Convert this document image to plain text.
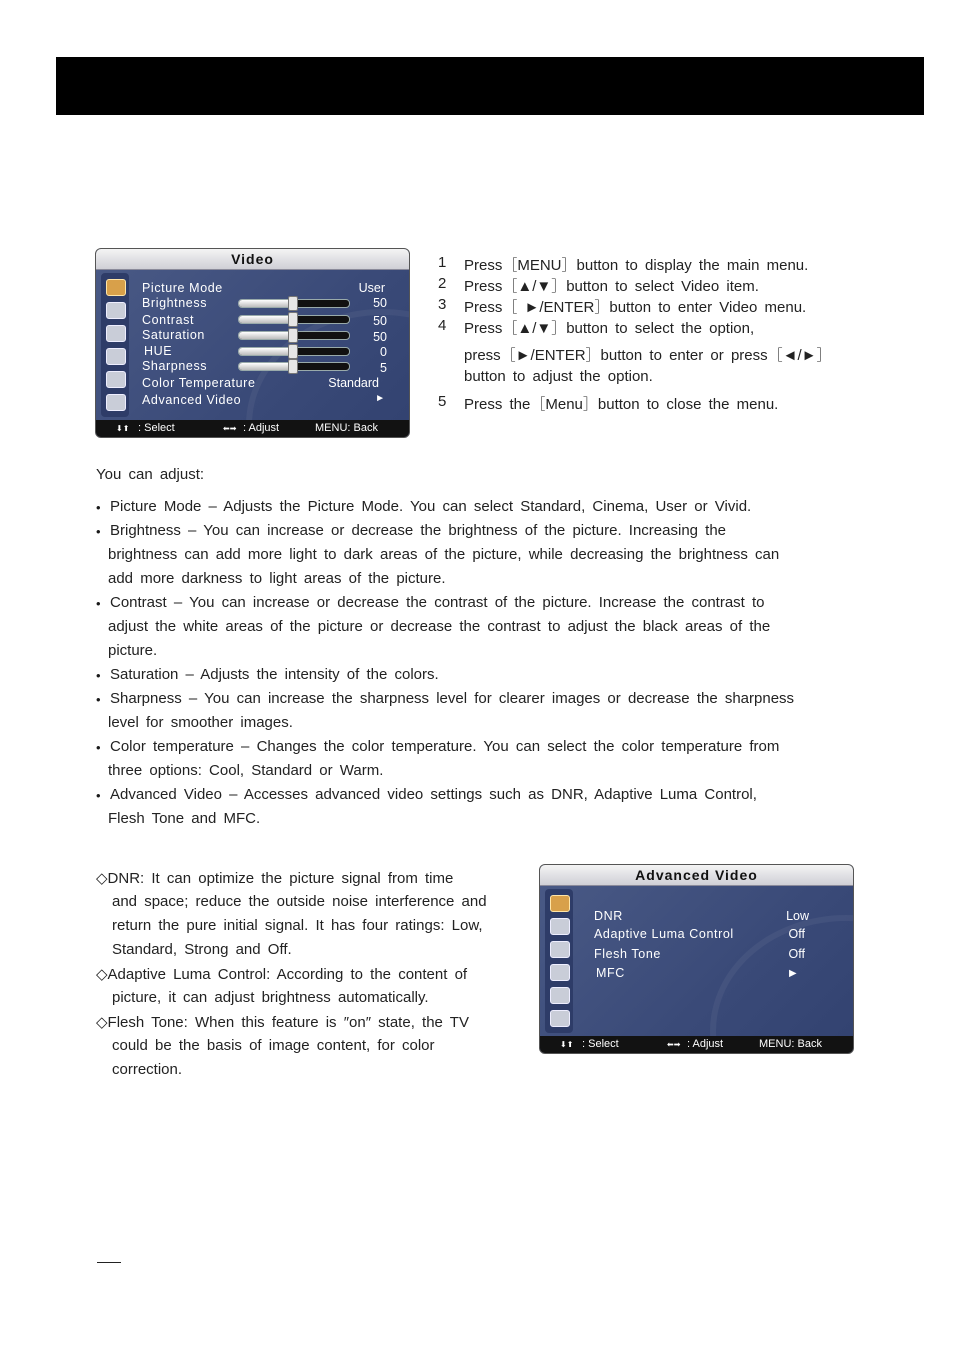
Video
Picture Mode	User
Brightness	50
Contrast	50
Saturation	50
HUE	0
Sharpness	5
Color Temperature	Standard
Advanced Video	►
⬇⬆ : Select	⬅➡ : Adjust	MENU: Back
1 Press［MENU］button to display the main menu.
2 Press［▲/▼］button to select Video item.
3 Press［ ►/ENTER］button to enter Video menu.
4 Press［▲/▼］button to select the option,
press［►/ENTER］button to enter or press［◄/►］
button to adjust the option.
5 Press the［Menu］button to close the menu.
You can adjust:
• Picture Mode – Adjusts the Picture Mode. You can select Standard, Cinema, User or Vivid.
• Brightness – You can increase or decrease the brightness of the picture. Increasing the
brightness can add more light to dark areas of the picture, while decreasing the brightness can
add more darkness to light areas of the picture.
• Contrast – You can increase or decrease the contrast of the picture. Increase the contrast to
adjust the white areas of the picture or decrease the contrast to adjust the black areas of the
picture.
• Saturation – Adjusts the intensity of the colors.
• Sharpness – You can increase the sharpness level for clearer images or decrease the sharpness
level for smoother images.
• Color temperature – Changes the color temperature. You can select the color temperature from
three options: Cool, Standard or Warm.
• Advanced Video – Accesses advanced video settings such as DNR, Adaptive Luma Control,
Flesh Tone and MFC.
◇DNR: It can optimize the picture signal from time
and space; reduce the outside noise interference and
return the pure initial signal. It has four ratings: Low,
Standard, Strong and Off.
◇Adaptive Luma Control: According to the content of
picture, it can adjust brightness automatically.
◇Flesh Tone: When this feature is ″on″ state, the TV
could be the basis of image content, for color
correction.
Advanced Video
DNR	Low
Adaptive Luma Control	Off
Flesh Tone	Off
MFC	►
⬇⬆ : Select	⬅➡ : Adjust	MENU: Back
